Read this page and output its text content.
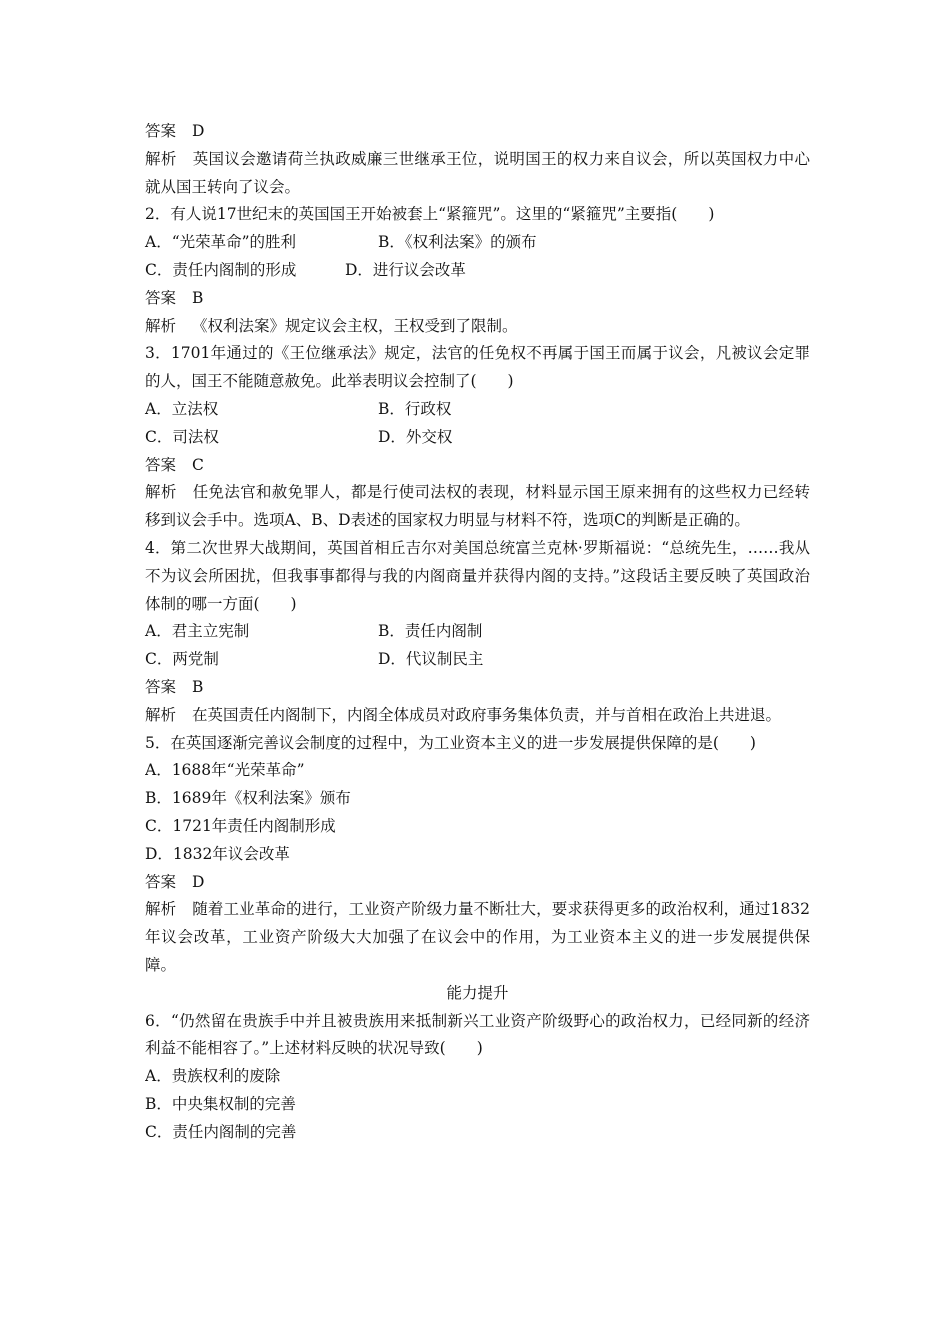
答案 D
解析 英国议会邀请荷兰执政威廉三世继承王位，说明国王的权力来自议会，所以英国权力中心就从国王转向了议会。
2．有人说17世纪末的英国国王开始被套上“紧箍咒”。这里的“紧箍咒”主要指(　　)
A．“光荣革命”的胜利	B．《权利法案》的颁布
C．责任内阁制的形成	D．进行议会改革
答案 B
解析 《权利法案》规定议会主权，王权受到了限制。
3．1701年通过的《王位继承法》规定，法官的任免权不再属于国王而属于议会，凡被议会定罪的人，国王不能随意赦免。此举表明议会控制了(　　)
A．立法权	B．行政权
C．司法权	D．外交权
答案 C
解析 任免法官和赦免罪人，都是行使司法权的表现，材料显示国王原来拥有的这些权力已经转移到议会手中。选项A、B、D表述的国家权力明显与材料不符，选项C的判断是正确的。
4．第二次世界大战期间，英国首相丘吉尔对美国总统富兰克林·罗斯福说：“总统先生，……我从不为议会所困扰，但我事事都得与我的内阁商量并获得内阁的支持。”这段话主要反映了英国政治体制的哪一方面(　　)
A．君主立宪制	B．责任内阁制
C．两党制	D．代议制民主
答案 B
解析 在英国责任内阁制下，内阁全体成员对政府事务集体负责，并与首相在政治上共进退。
5．在英国逐渐完善议会制度的过程中，为工业资本主义的进一步发展提供保障的是(　　)
A．1688年“光荣革命”
B．1689年《权利法案》颁布
C．1721年责任内阁制形成
D．1832年议会改革
答案 D
解析 随着工业革命的进行，工业资产阶级力量不断壮大，要求获得更多的政治权利，通过1832年议会改革，工业资产阶级大大加强了在议会中的作用，为工业资本主义的进一步发展提供保障。
能力提升
6．“仍然留在贵族手中并且被贵族用来抵制新兴工业资产阶级野心的政治权力，已经同新的经济利益不能相容了。”上述材料反映的状况导致(　　)
A．贵族权利的废除
B．中央集权制的完善
C．责任内阁制的完善
